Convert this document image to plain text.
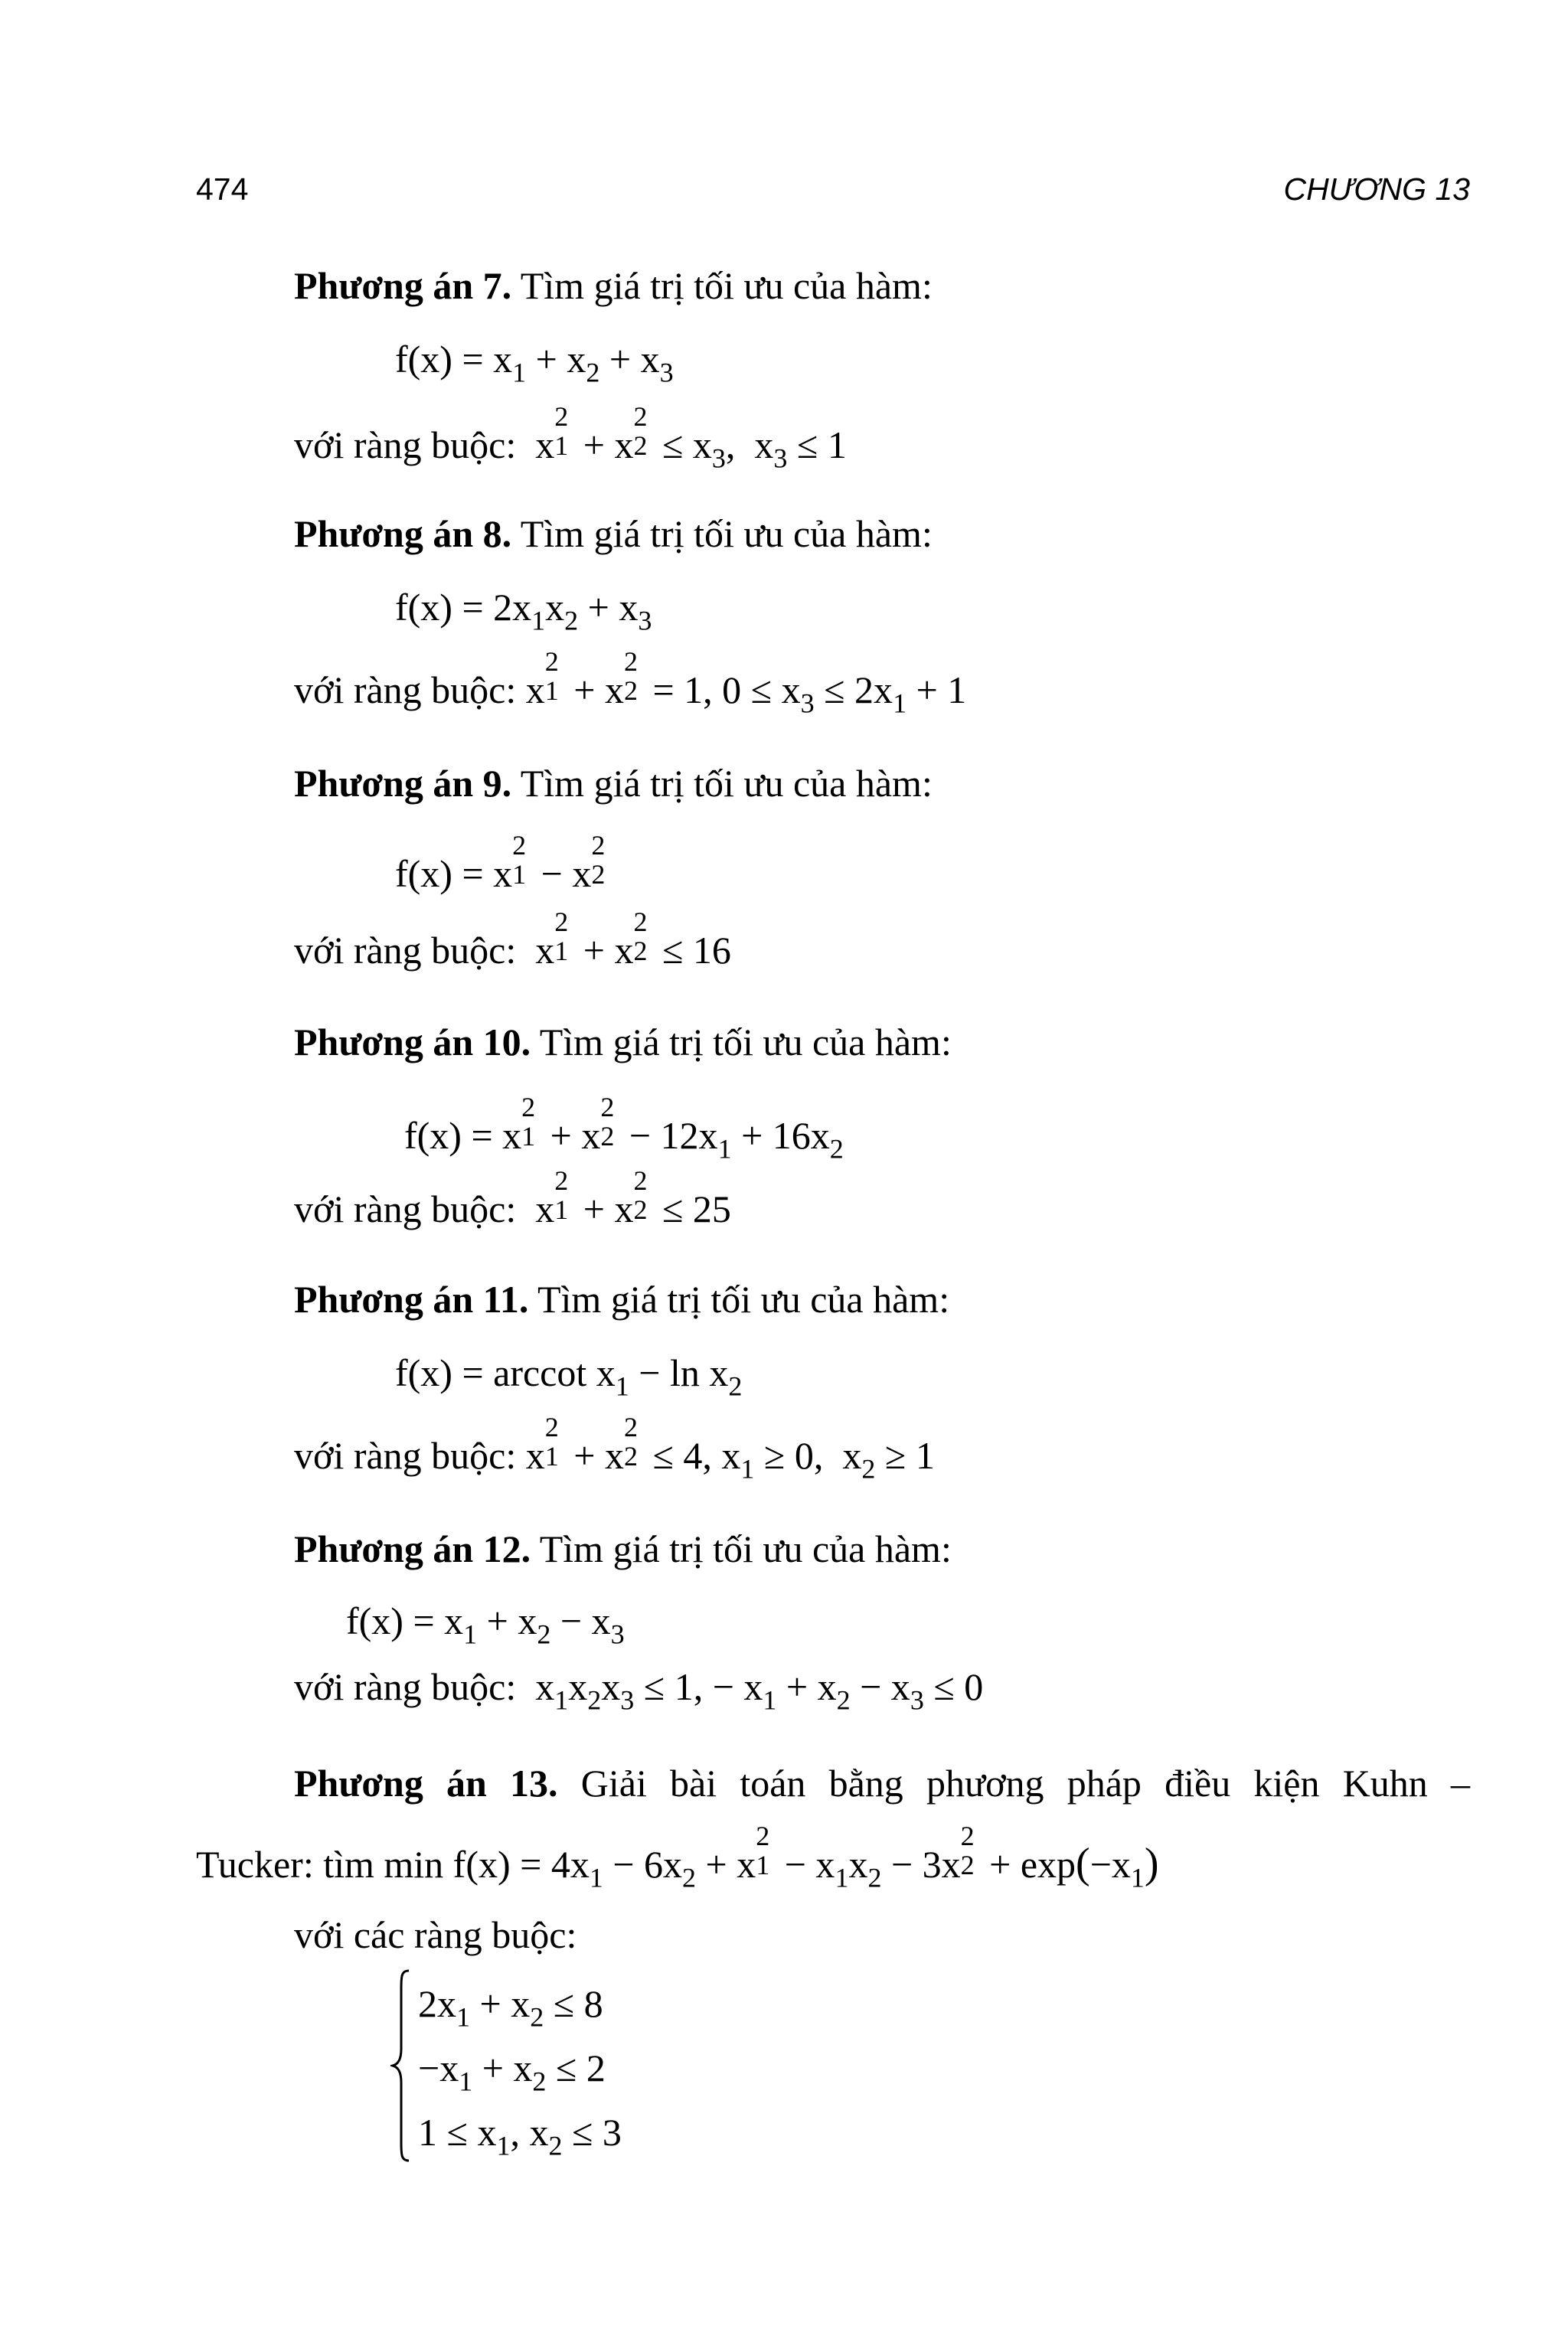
474	CHƯƠNG 13
Phương án 7. Tìm giá trị tối ưu của hàm:
$f(x) = x_1 + x_2 + x_3$
với ràng buộc:  x
2
1 + x
2
$2 \le x_3$,  $x_3 \le 1$
Phương án 8. Tìm giá trị tối ưu của hàm:
$f(x) = 2x_1x_2 + x_3$
với ràng buộc: x
2
1 + x
2
2 = 1, $0 \le x_3 \le 2x_1 + 1$
Phương án 9. Tìm giá trị tối ưu của hàm:
f(x) = x
2
1 − x
2
2
với ràng buộc:  x
2
1 + x
2
2 ≤ 16
Phương án 10. Tìm giá trị tối ưu của hàm:
f(x) = x
2
1 + x
2
$2 - 12x_1 + 16x_2$
với ràng buộc:  x
2
1 + x
2
2 ≤ 25
Phương án 11. Tìm giá trị tối ưu của hàm:
f(x) = arccot $x_1 - \ln x_2$
với ràng buộc: x
2
1 + x
2
2 ≤ 4, $x_1 \ge 0$,  $x_2 \ge 1$
Phương án 12. Tìm giá trị tối ưu của hàm:
$f(x) = x_1 + x_2 - x_3$
với ràng buộc:  $x_1x_2x_3 \le 1$, − $x_1 + x_2 - x_3 \le 0$
Phương án 13. Giải bài toán bằng phương pháp điều kiện Kuhn –
Tucker: tìm $\min f(x) = 4x_1 - 6x_2 + x$
2
$1 - x_1x_2 - 3x$
2
$2 + \exp(-x_1)$
với các ràng buộc:
$2x_1 + x_2 \le 8$
$-x_1 + x_2 \le 2$
$1 \le x_1$, $x_2 \le 3$
